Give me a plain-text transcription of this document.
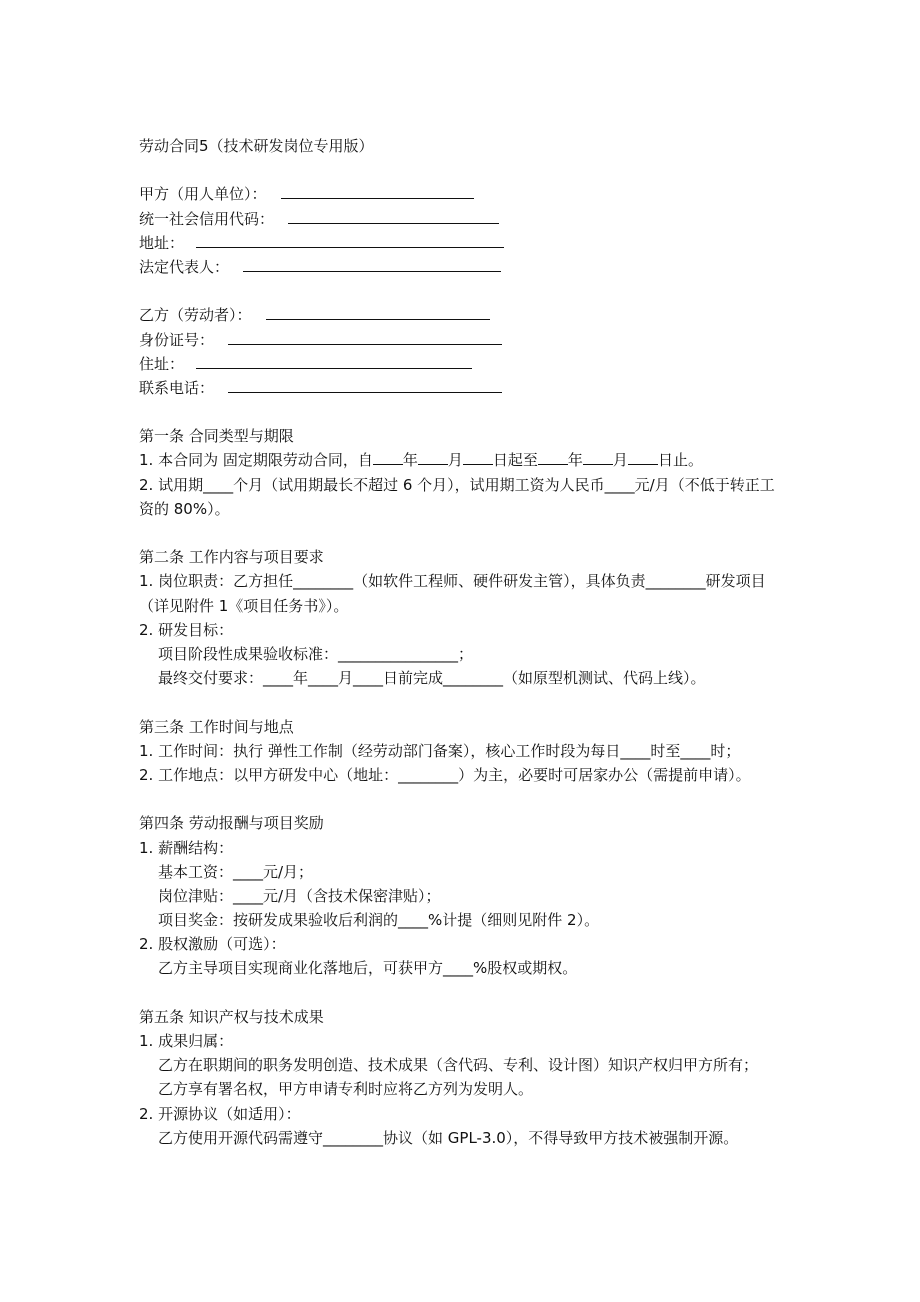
劳动合同5（技术研发岗位专用版）
甲方（用人单位）：
统一社会信用代码：
地址：
法定代表人：
乙方（劳动者）：
身份证号：
住址：
联系电话：
第一条 合同类型与期限
1. 本合同为 固定期限劳动合同，自 年 月 日起至 年 月 日止。
2. 试用期____个月（试用期最长不超过 6 个月），试用期工资为人民币____元/月（不低于转正工资的 80%）。
第二条 工作内容与项目要求
1. 岗位职责：乙方担任________（如软件工程师、硬件研发主管），具体负责________研发项目（详见附件 1《项目任务书》）。
2. 研发目标：
项目阶段性成果验收标准：________________；
最终交付要求：____年____月____日前完成________（如原型机测试、代码上线）。
第三条 工作时间与地点
1. 工作时间：执行 弹性工作制（经劳动部门备案），核心工作时段为每日____时至____时；
2. 工作地点：以甲方研发中心（地址：________）为主，必要时可居家办公（需提前申请）。
第四条 劳动报酬与项目奖励
1. 薪酬结构：
基本工资：____元/月；
岗位津贴：____元/月（含技术保密津贴）；
项目奖金：按研发成果验收后利润的____%计提（细则见附件 2）。
2. 股权激励（可选）：
乙方主导项目实现商业化落地后，可获甲方____%股权或期权。
第五条 知识产权与技术成果
1. 成果归属：
乙方在职期间的职务发明创造、技术成果（含代码、专利、设计图）知识产权归甲方所有；
乙方享有署名权，甲方申请专利时应将乙方列为发明人。
2. 开源协议（如适用）：
乙方使用开源代码需遵守________协议（如 GPL-3.0），不得导致甲方技术被强制开源。
